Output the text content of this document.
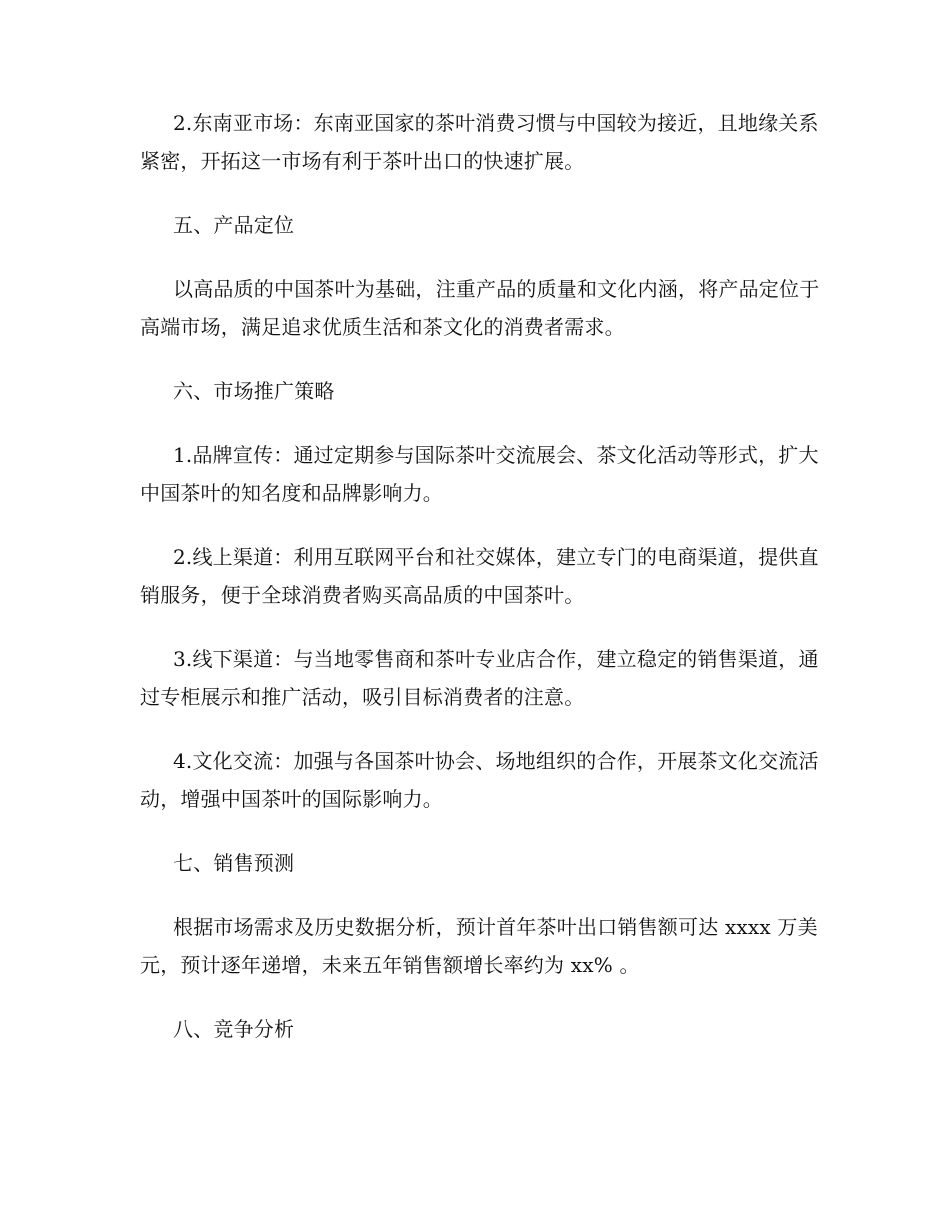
2.东南亚市场：东南亚国家的茶叶消费习惯与中国较为接近，且地缘关系紧密，开拓这一市场有利于茶叶出口的快速扩展。

五、产品定位

以高品质的中国茶叶为基础，注重产品的质量和文化内涵，将产品定位于高端市场，满足追求优质生活和茶文化的消费者需求。

六、市场推广策略

1.品牌宣传：通过定期参与国际茶叶交流展会、茶文化活动等形式，扩大中国茶叶的知名度和品牌影响力。

2.线上渠道：利用互联网平台和社交媒体，建立专门的电商渠道，提供直销服务，便于全球消费者购买高品质的中国茶叶。

3.线下渠道：与当地零售商和茶叶专业店合作，建立稳定的销售渠道，通过专柜展示和推广活动，吸引目标消费者的注意。

4.文化交流：加强与各国茶叶协会、场地组织的合作，开展茶文化交流活动，增强中国茶叶的国际影响力。

七、销售预测

根据市场需求及历史数据分析，预计首年茶叶出口销售额可达 xxxx 万美元，预计逐年递增，未来五年销售额增长率约为 xx% 。

八、竞争分析
